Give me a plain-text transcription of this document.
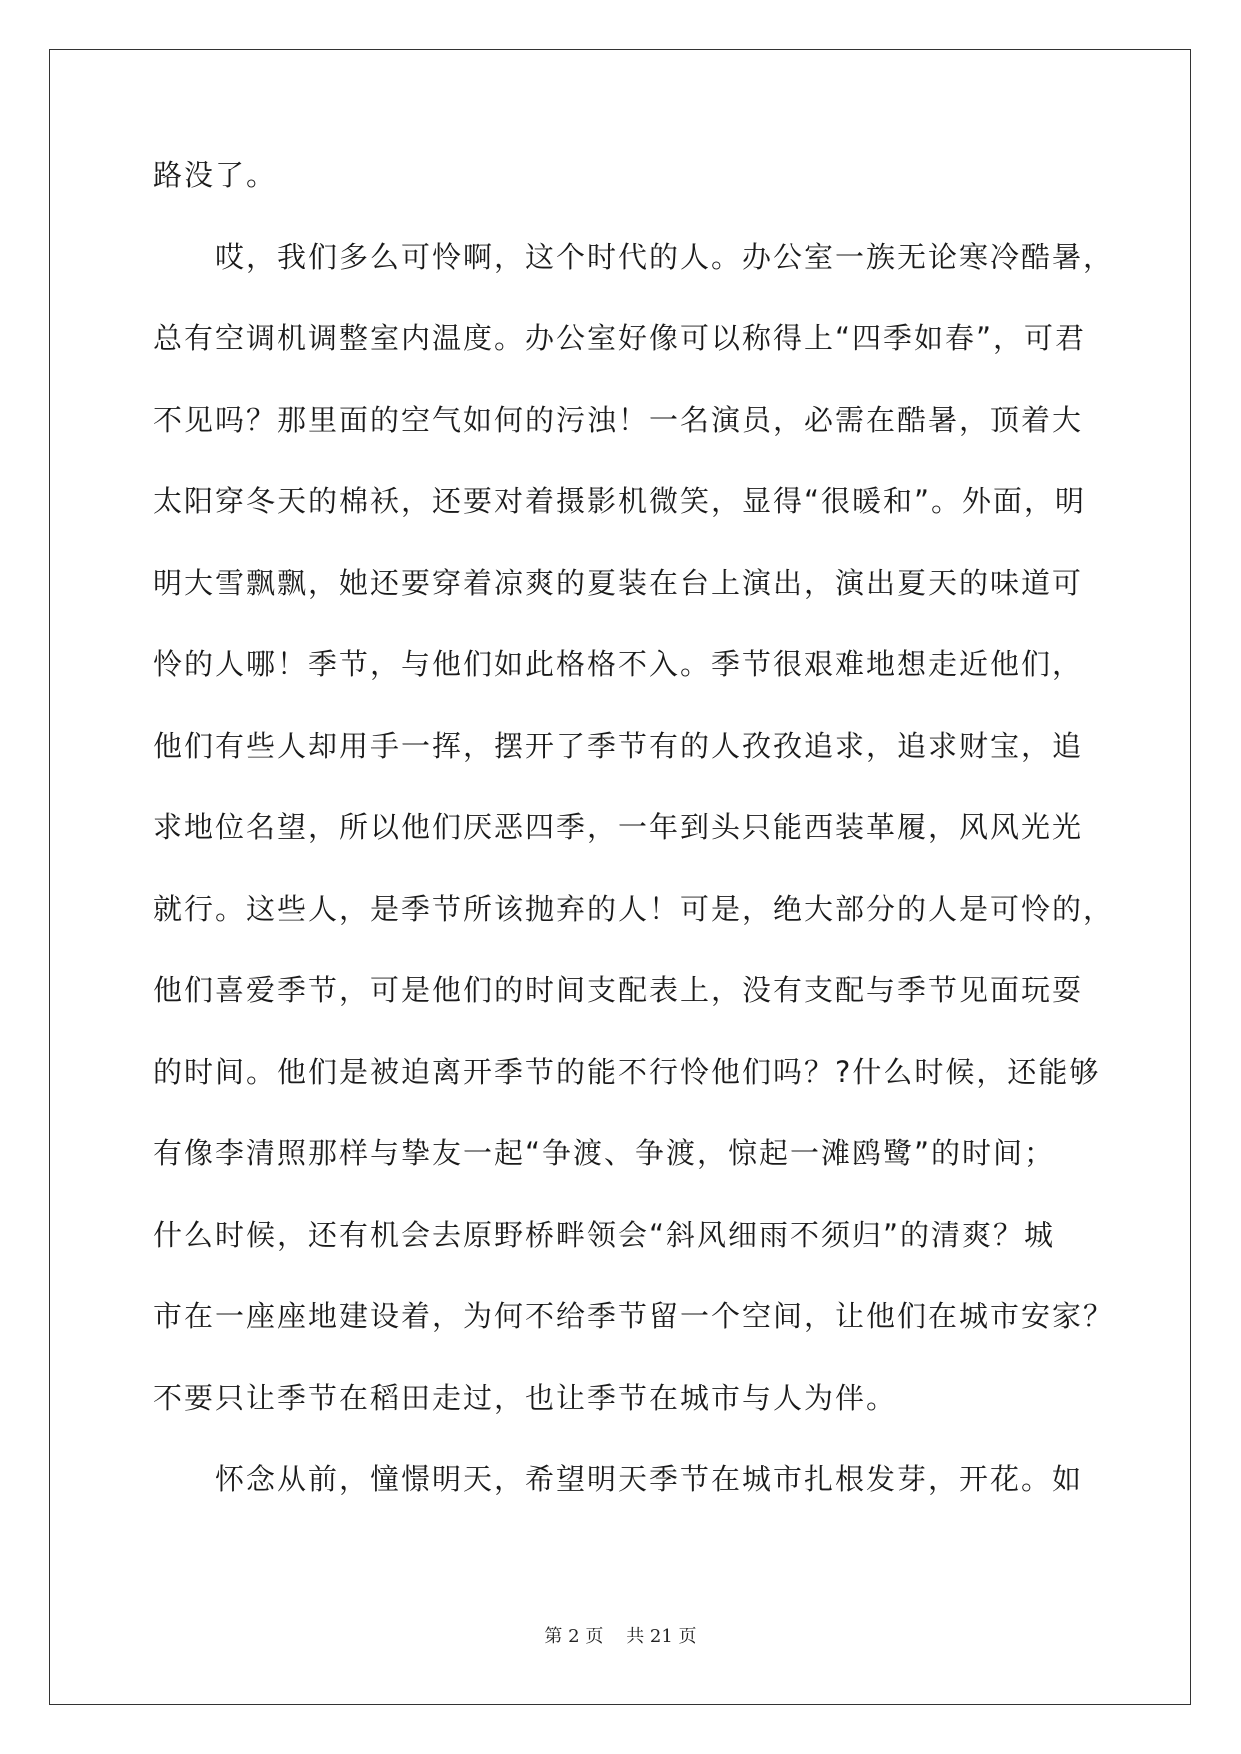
路没了。
哎，我们多么可怜啊，这个时代的人。办公室一族无论寒冷酷暑，
总有空调机调整室内温度。办公室好像可以称得上“四季如春”，可君
不见吗？那里面的空气如何的污浊！一名演员，必需在酷暑，顶着大
太阳穿冬天的棉袄，还要对着摄影机微笑，显得“很暖和”。外面，明
明大雪飘飘，她还要穿着凉爽的夏装在台上演出，演出夏天的味道可
怜的人哪！季节，与他们如此格格不入。季节很艰难地想走近他们，
他们有些人却用手一挥，摆开了季节有的人孜孜追求，追求财宝，追
求地位名望，所以他们厌恶四季，一年到头只能西装革履，风风光光
就行。这些人，是季节所该抛弃的人！可是，绝大部分的人是可怜的，
他们喜爱季节，可是他们的时间支配表上，没有支配与季节见面玩耍
的时间。他们是被迫离开季节的能不行怜他们吗？?什么时候，还能够
有像李清照那样与挚友一起“争渡、争渡，惊起一滩鸥鹭”的时间；
什么时候，还有机会去原野桥畔领会“斜风细雨不须归”的清爽？城
市在一座座地建设着，为何不给季节留一个空间，让他们在城市安家？
不要只让季节在稻田走过，也让季节在城市与人为伴。
怀念从前，憧憬明天，希望明天季节在城市扎根发芽，开花。如
第 2 页    共 21 页
